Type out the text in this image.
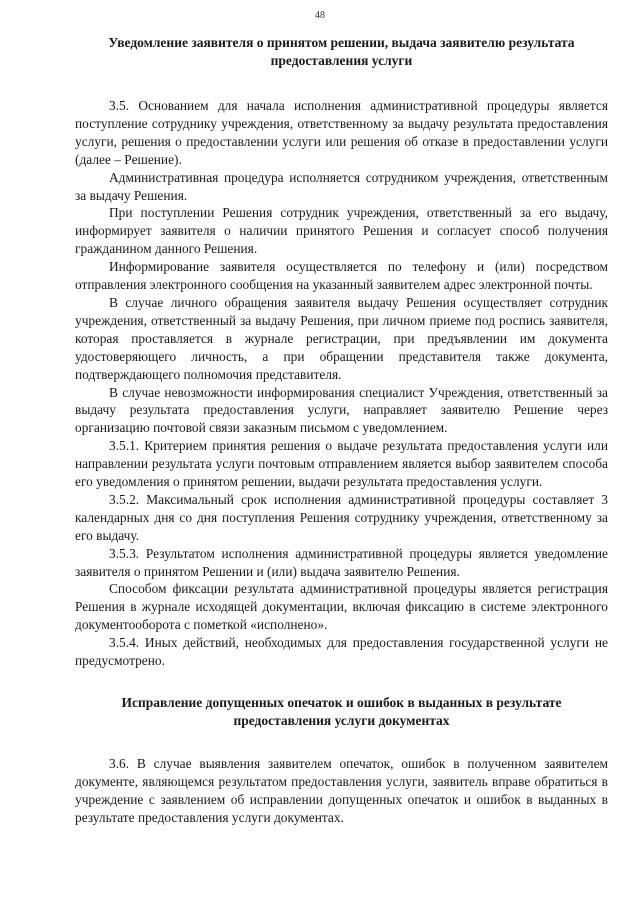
48

Уведомление заявителя о принятом решении, выдача заявителю результата предоставления услуги

3.5. Основанием для начала исполнения административной процедуры является поступление сотруднику учреждения, ответственному за выдачу результата предоставления услуги, решения о предоставлении услуги или решения об отказе в предоставлении услуги (далее – Решение).

Административная процедура исполняется сотрудником учреждения, ответственным за выдачу Решения.

При поступлении Решения сотрудник учреждения, ответственный за его выдачу, информирует заявителя о наличии принятого Решения и согласует способ получения гражданином данного Решения.

Информирование заявителя осуществляется по телефону и (или) посредством отправления электронного сообщения на указанный заявителем адрес электронной почты.

В случае личного обращения заявителя выдачу Решения осуществляет сотрудник учреждения, ответственный за выдачу Решения, при личном приеме под роспись заявителя, которая проставляется в журнале регистрации, при предъявлении им документа удостоверяющего личность, а при обращении представителя также документа, подтверждающего полномочия представителя.

В случае невозможности информирования специалист Учреждения, ответственный за выдачу результата предоставления услуги, направляет заявителю Решение через организацию почтовой связи заказным письмом с уведомлением.

3.5.1. Критерием принятия решения о выдаче результата предоставления услуги или направлении результата услуги почтовым отправлением является выбор заявителем способа его уведомления о принятом решении, выдачи результата предоставления услуги.

3.5.2. Максимальный срок исполнения административной процедуры составляет 3 календарных дня со дня поступления Решения сотруднику учреждения, ответственному за его выдачу.

3.5.3. Результатом исполнения административной процедуры является уведомление заявителя о принятом Решении и (или) выдача заявителю Решения.

Способом фиксации результата административной процедуры является регистрация Решения в журнале исходящей документации, включая фиксацию в системе электронного документооборота с пометкой «исполнено».

3.5.4. Иных действий, необходимых для предоставления государственной услуги не предусмотрено.

Исправление допущенных опечаток и ошибок в выданных в результате предоставления услуги документах

3.6. В случае выявления заявителем опечаток, ошибок в полученном заявителем документе, являющемся результатом предоставления услуги, заявитель вправе обратиться в учреждение с заявлением об исправлении допущенных опечаток и ошибок в выданных в результате предоставления услуги документах.
